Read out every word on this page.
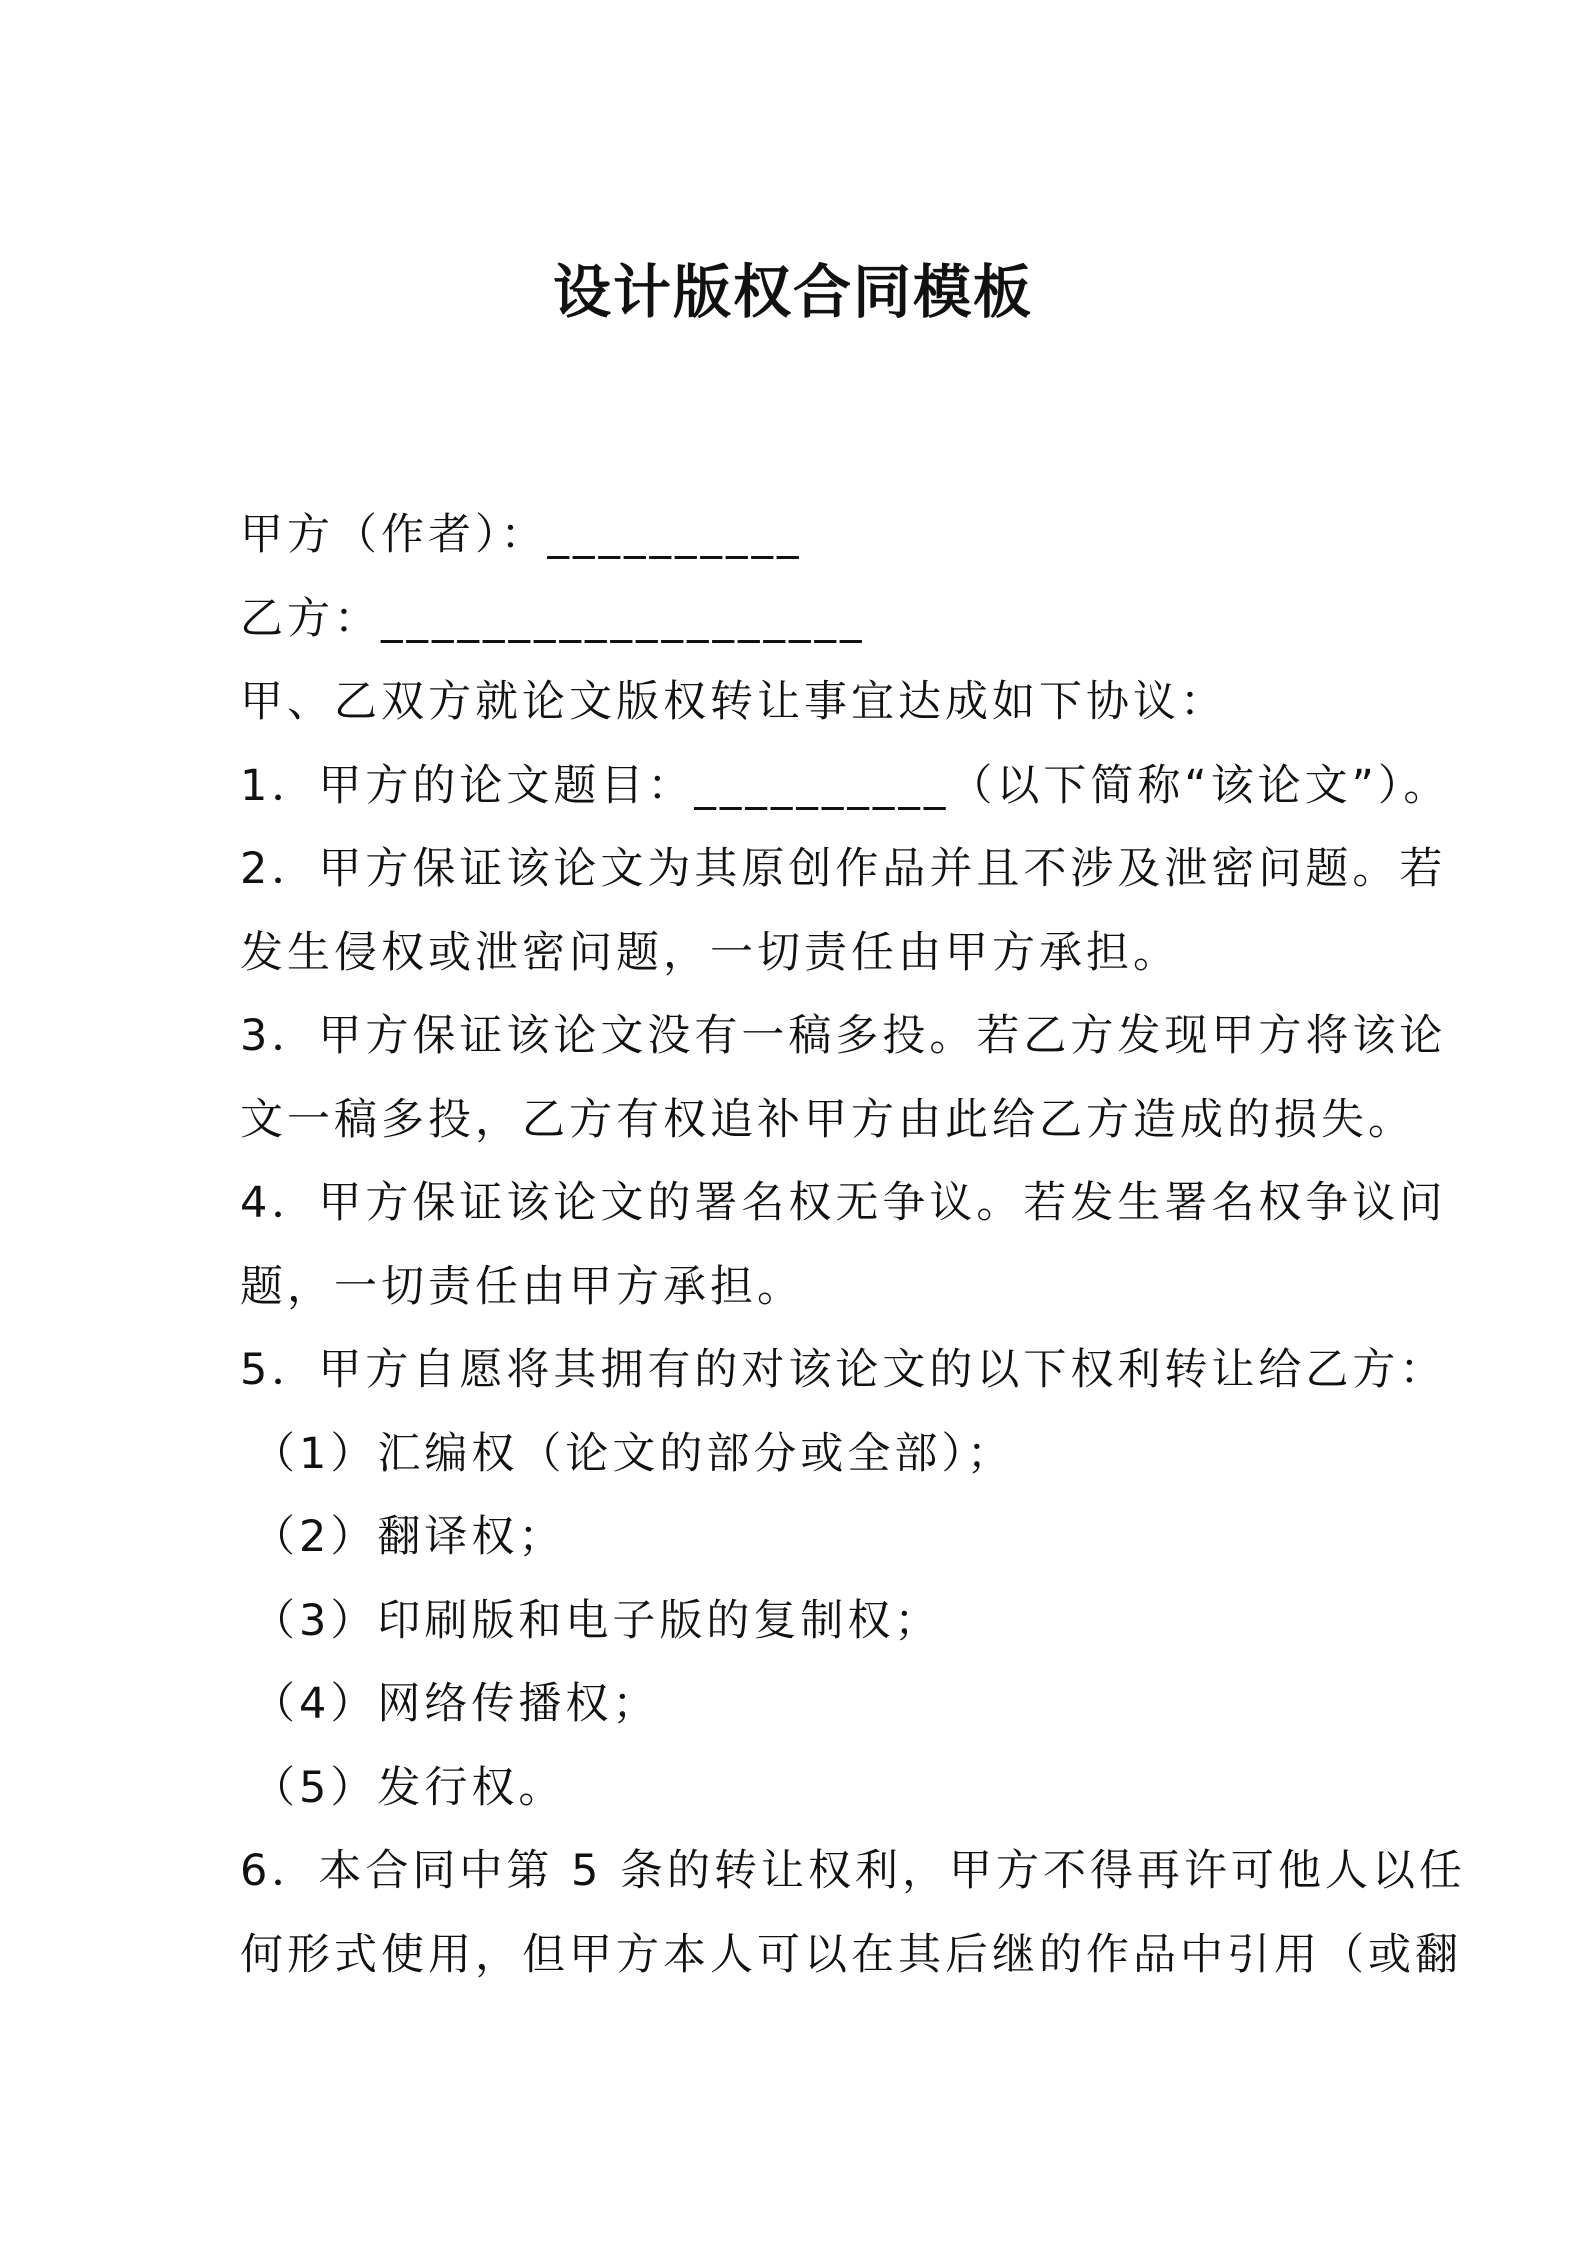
设计版权合同模板
甲方（作者）：__________
乙方：___________________
甲、乙双方就论文版权转让事宜达成如下协议：
1．甲方的论文题目：__________（以下简称“该论文”）。
2．甲方保证该论文为其原创作品并且不涉及泄密问题。若
发生侵权或泄密问题，一切责任由甲方承担。
3．甲方保证该论文没有一稿多投。若乙方发现甲方将该论
文一稿多投，乙方有权追补甲方由此给乙方造成的损失。
4．甲方保证该论文的署名权无争议。若发生署名权争议问
题，一切责任由甲方承担。
5．甲方自愿将其拥有的对该论文的以下权利转让给乙方：
（1）汇编权（论文的部分或全部）；
（2）翻译权；
（3）印刷版和电子版的复制权；
（4）网络传播权；
（5）发行权。
6．本合同中第 5 条的转让权利，甲方不得再许可他人以任
何形式使用，但甲方本人可以在其后继的作品中引用（或翻
